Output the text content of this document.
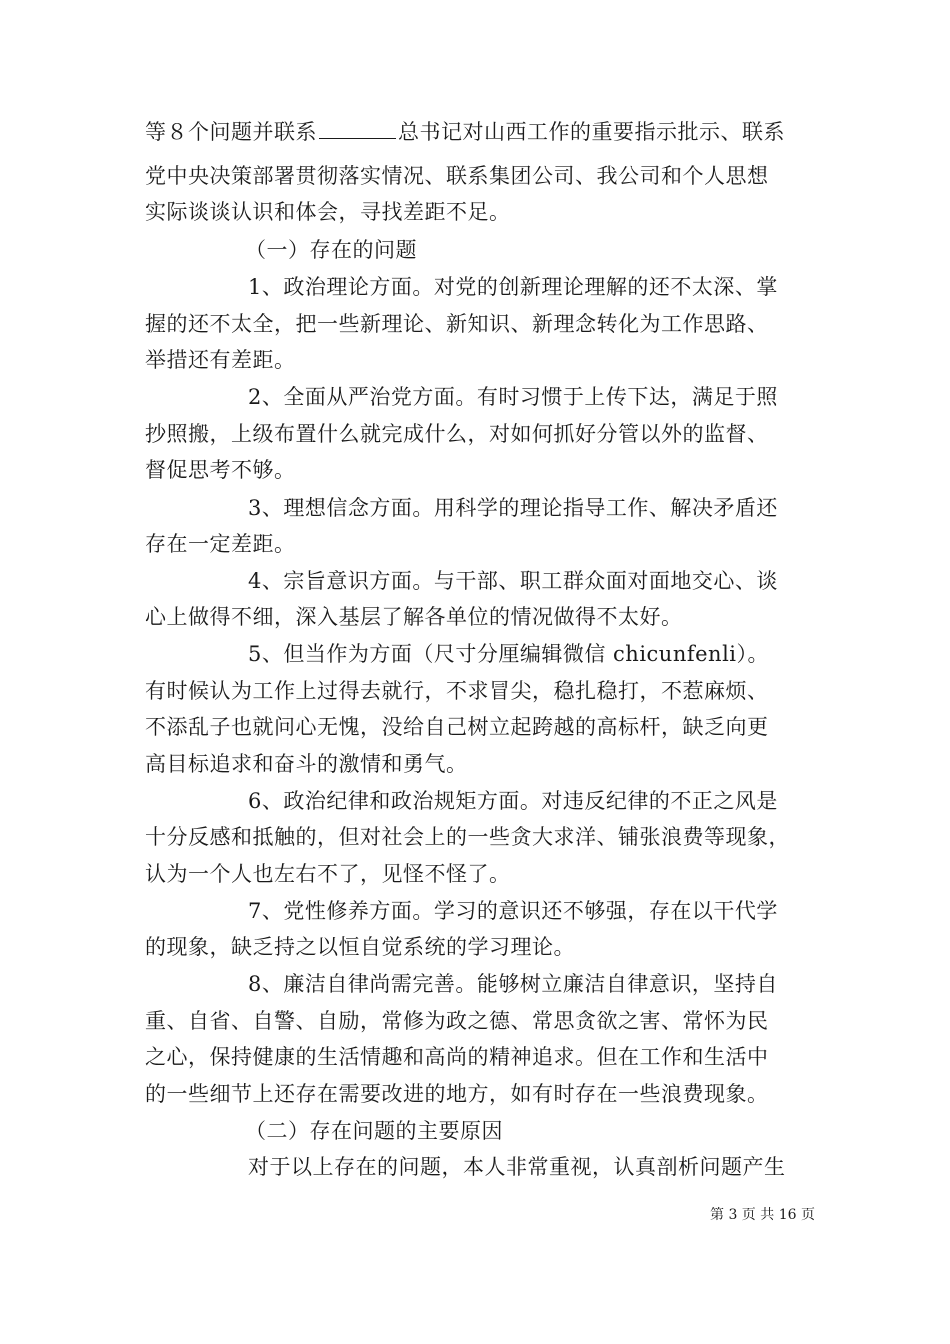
等８个问题并联系	总书记对山西工作的重要指示批示、联系
党中央决策部署贯彻落实情况、联系集团公司、我公司和个人思想
实际谈谈认识和体会，寻找差距不足。
（一）存在的问题
1、政治理论方面。对党的创新理论理解的还不太深、掌
握的还不太全，把一些新理论、新知识、新理念转化为工作思路、
举措还有差距。
2、全面从严治党方面。有时习惯于上传下达，满足于照
抄照搬，上级布置什么就完成什么，对如何抓好分管以外的监督、
督促思考不够。
3、理想信念方面。用科学的理论指导工作、解决矛盾还
存在一定差距。
4、宗旨意识方面。与干部、职工群众面对面地交心、谈
心上做得不细，深入基层了解各单位的情况做得不太好。
5、但当作为方面（尺寸分厘编辑微信 chicunfenli）。
有时候认为工作上过得去就行，不求冒尖，稳扎稳打，不惹麻烦、
不添乱子也就问心无愧，没给自己树立起跨越的高标杆，缺乏向更
高目标追求和奋斗的激情和勇气。
6、政治纪律和政治规矩方面。对违反纪律的不正之风是
十分反感和抵触的，但对社会上的一些贪大求洋、铺张浪费等现象，
认为一个人也左右不了，见怪不怪了。
7、党性修养方面。学习的意识还不够强，存在以干代学
的现象，缺乏持之以恒自觉系统的学习理论。
8、廉洁自律尚需完善。能够树立廉洁自律意识，坚持自
重、自省、自警、自励，常修为政之德、常思贪欲之害、常怀为民
之心，保持健康的生活情趣和高尚的精神追求。但在工作和生活中
的一些细节上还存在需要改进的地方，如有时存在一些浪费现象。
（二）存在问题的主要原因
对于以上存在的问题，本人非常重视，认真剖析问题产生
第 3 页 共 16 页
